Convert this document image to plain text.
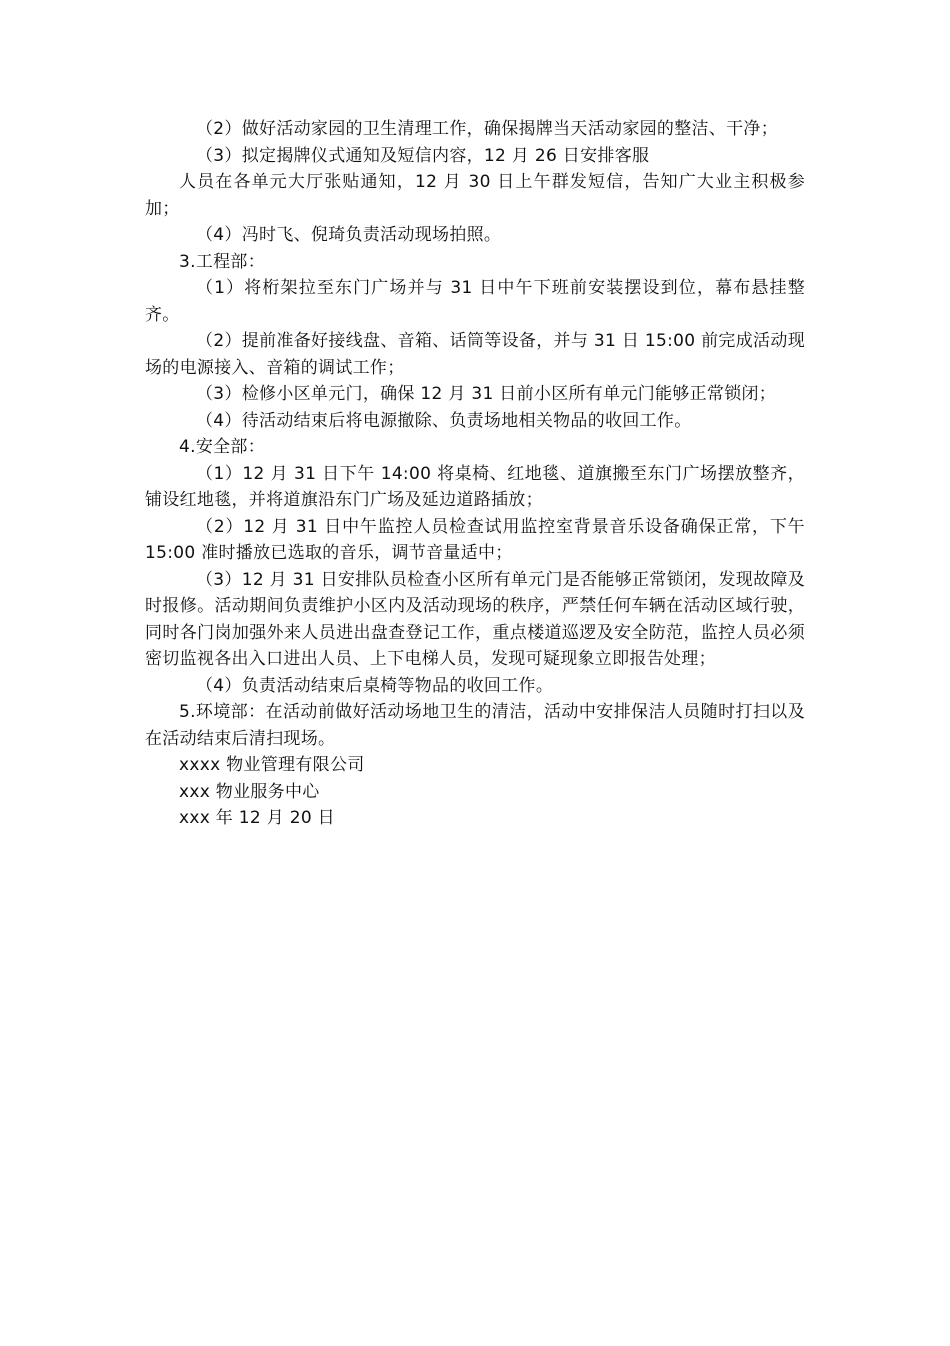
（2）做好活动家园的卫生清理工作，确保揭牌当天活动家园的整洁、干净；

（3）拟定揭牌仪式通知及短信内容，12 月 26 日安排客服

人员在各单元大厅张贴通知，12 月 30 日上午群发短信，告知广大业主积极参加；

（4）冯时飞、倪琦负责活动现场拍照。

3.工程部：

（1）将桁架拉至东门广场并与 31 日中午下班前安装摆设到位，幕布悬挂整齐。

（2）提前准备好接线盘、音箱、话筒等设备，并与 31 日 15:00 前完成活动现场的电源接入、音箱的调试工作；

（3）检修小区单元门，确保 12 月 31 日前小区所有单元门能够正常锁闭；

（4）待活动结束后将电源撤除、负责场地相关物品的收回工作。

4.安全部：

（1）12 月 31 日下午 14:00 将桌椅、红地毯、道旗搬至东门广场摆放整齐，铺设红地毯，并将道旗沿东门广场及延边道路插放；

（2）12 月 31 日中午监控人员检查试用监控室背景音乐设备确保正常，下午 15:00 准时播放已选取的音乐，调节音量适中；

（3）12 月 31 日安排队员检查小区所有单元门是否能够正常锁闭，发现故障及时报修。活动期间负责维护小区内及活动现场的秩序，严禁任何车辆在活动区域行驶，同时各门岗加强外来人员进出盘查登记工作，重点楼道巡逻及安全防范，监控人员必须密切监视各出入口进出人员、上下电梯人员，发现可疑现象立即报告处理；

（4）负责活动结束后桌椅等物品的收回工作。

5.环境部：在活动前做好活动场地卫生的清洁，活动中安排保洁人员随时打扫以及在活动结束后清扫现场。

xxxx 物业管理有限公司

xxx 物业服务中心

xxx 年 12 月 20 日
